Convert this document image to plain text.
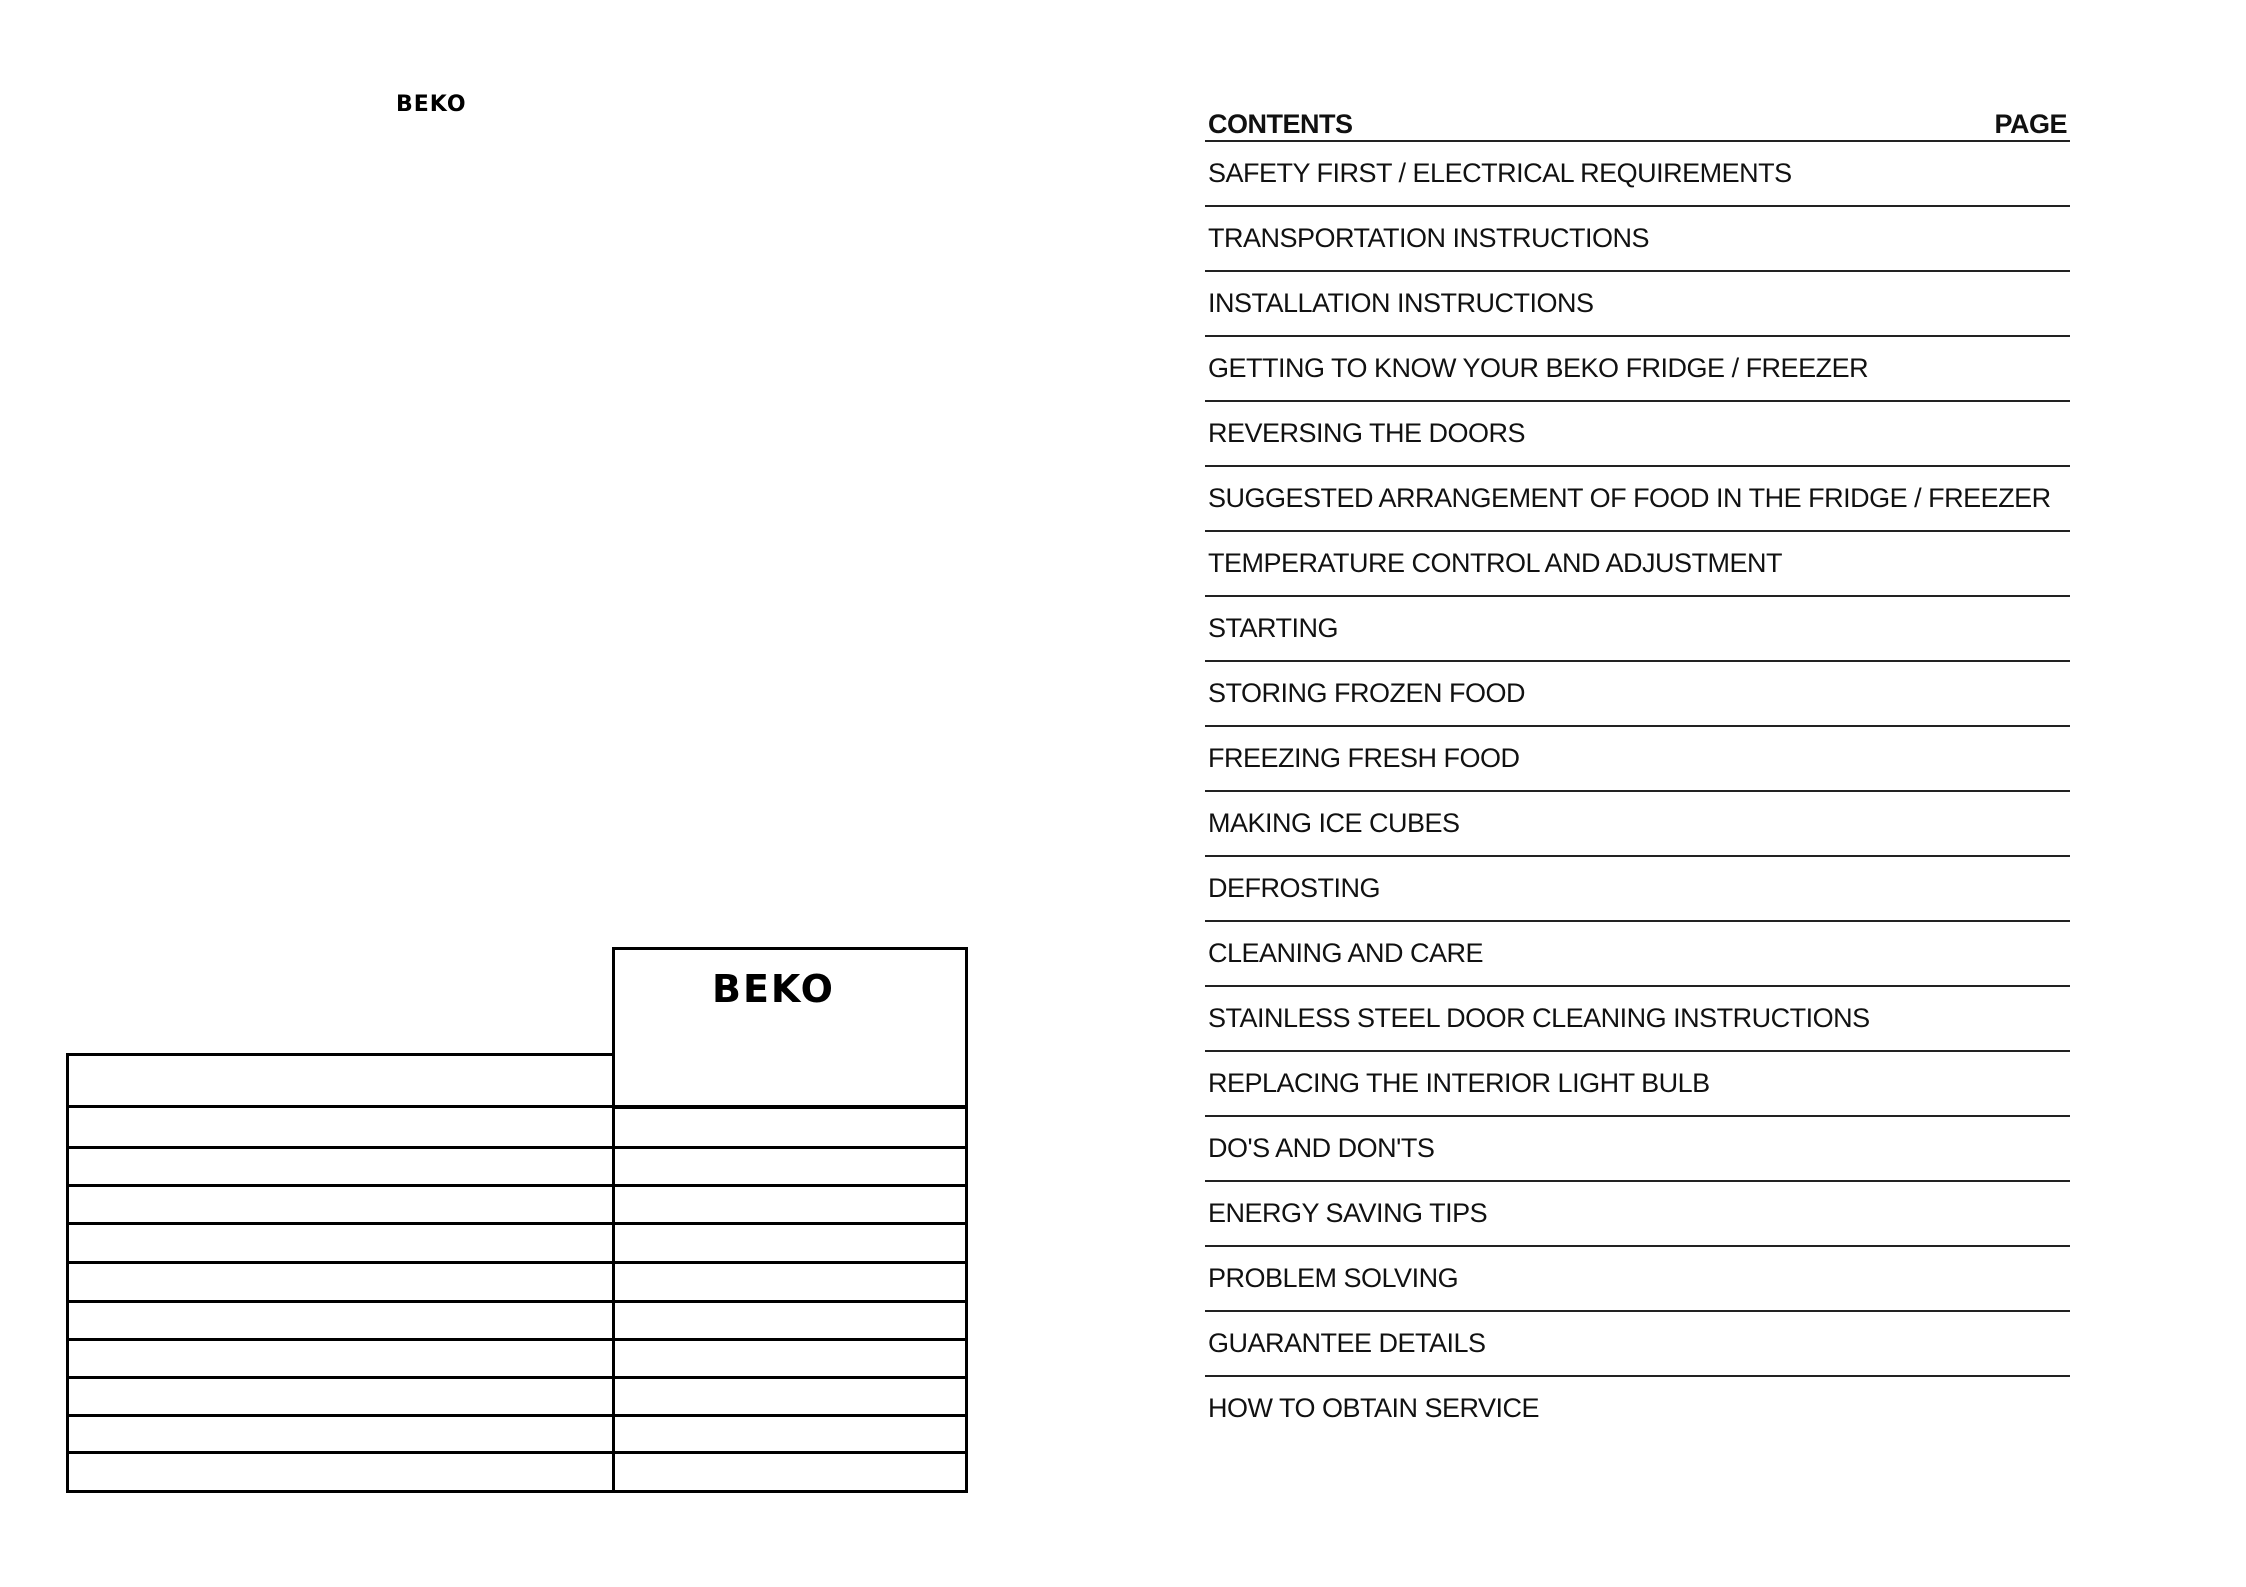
BEKO
BEKO
CONTENTS	PAGE
SAFETY FIRST / ELECTRICAL REQUIREMENTS
TRANSPORTATION INSTRUCTIONS
INSTALLATION INSTRUCTIONS
GETTING TO KNOW YOUR BEKO FRIDGE / FREEZER
REVERSING THE DOORS
SUGGESTED ARRANGEMENT OF FOOD IN THE FRIDGE / FREEZER
TEMPERATURE CONTROL AND ADJUSTMENT
STARTING
STORING FROZEN FOOD
FREEZING FRESH FOOD
MAKING ICE CUBES
DEFROSTING
CLEANING AND CARE
STAINLESS STEEL DOOR CLEANING INSTRUCTIONS
REPLACING THE INTERIOR LIGHT BULB
DO'S AND DON'TS
ENERGY SAVING TIPS
PROBLEM SOLVING
GUARANTEE DETAILS
HOW TO OBTAIN SERVICE
